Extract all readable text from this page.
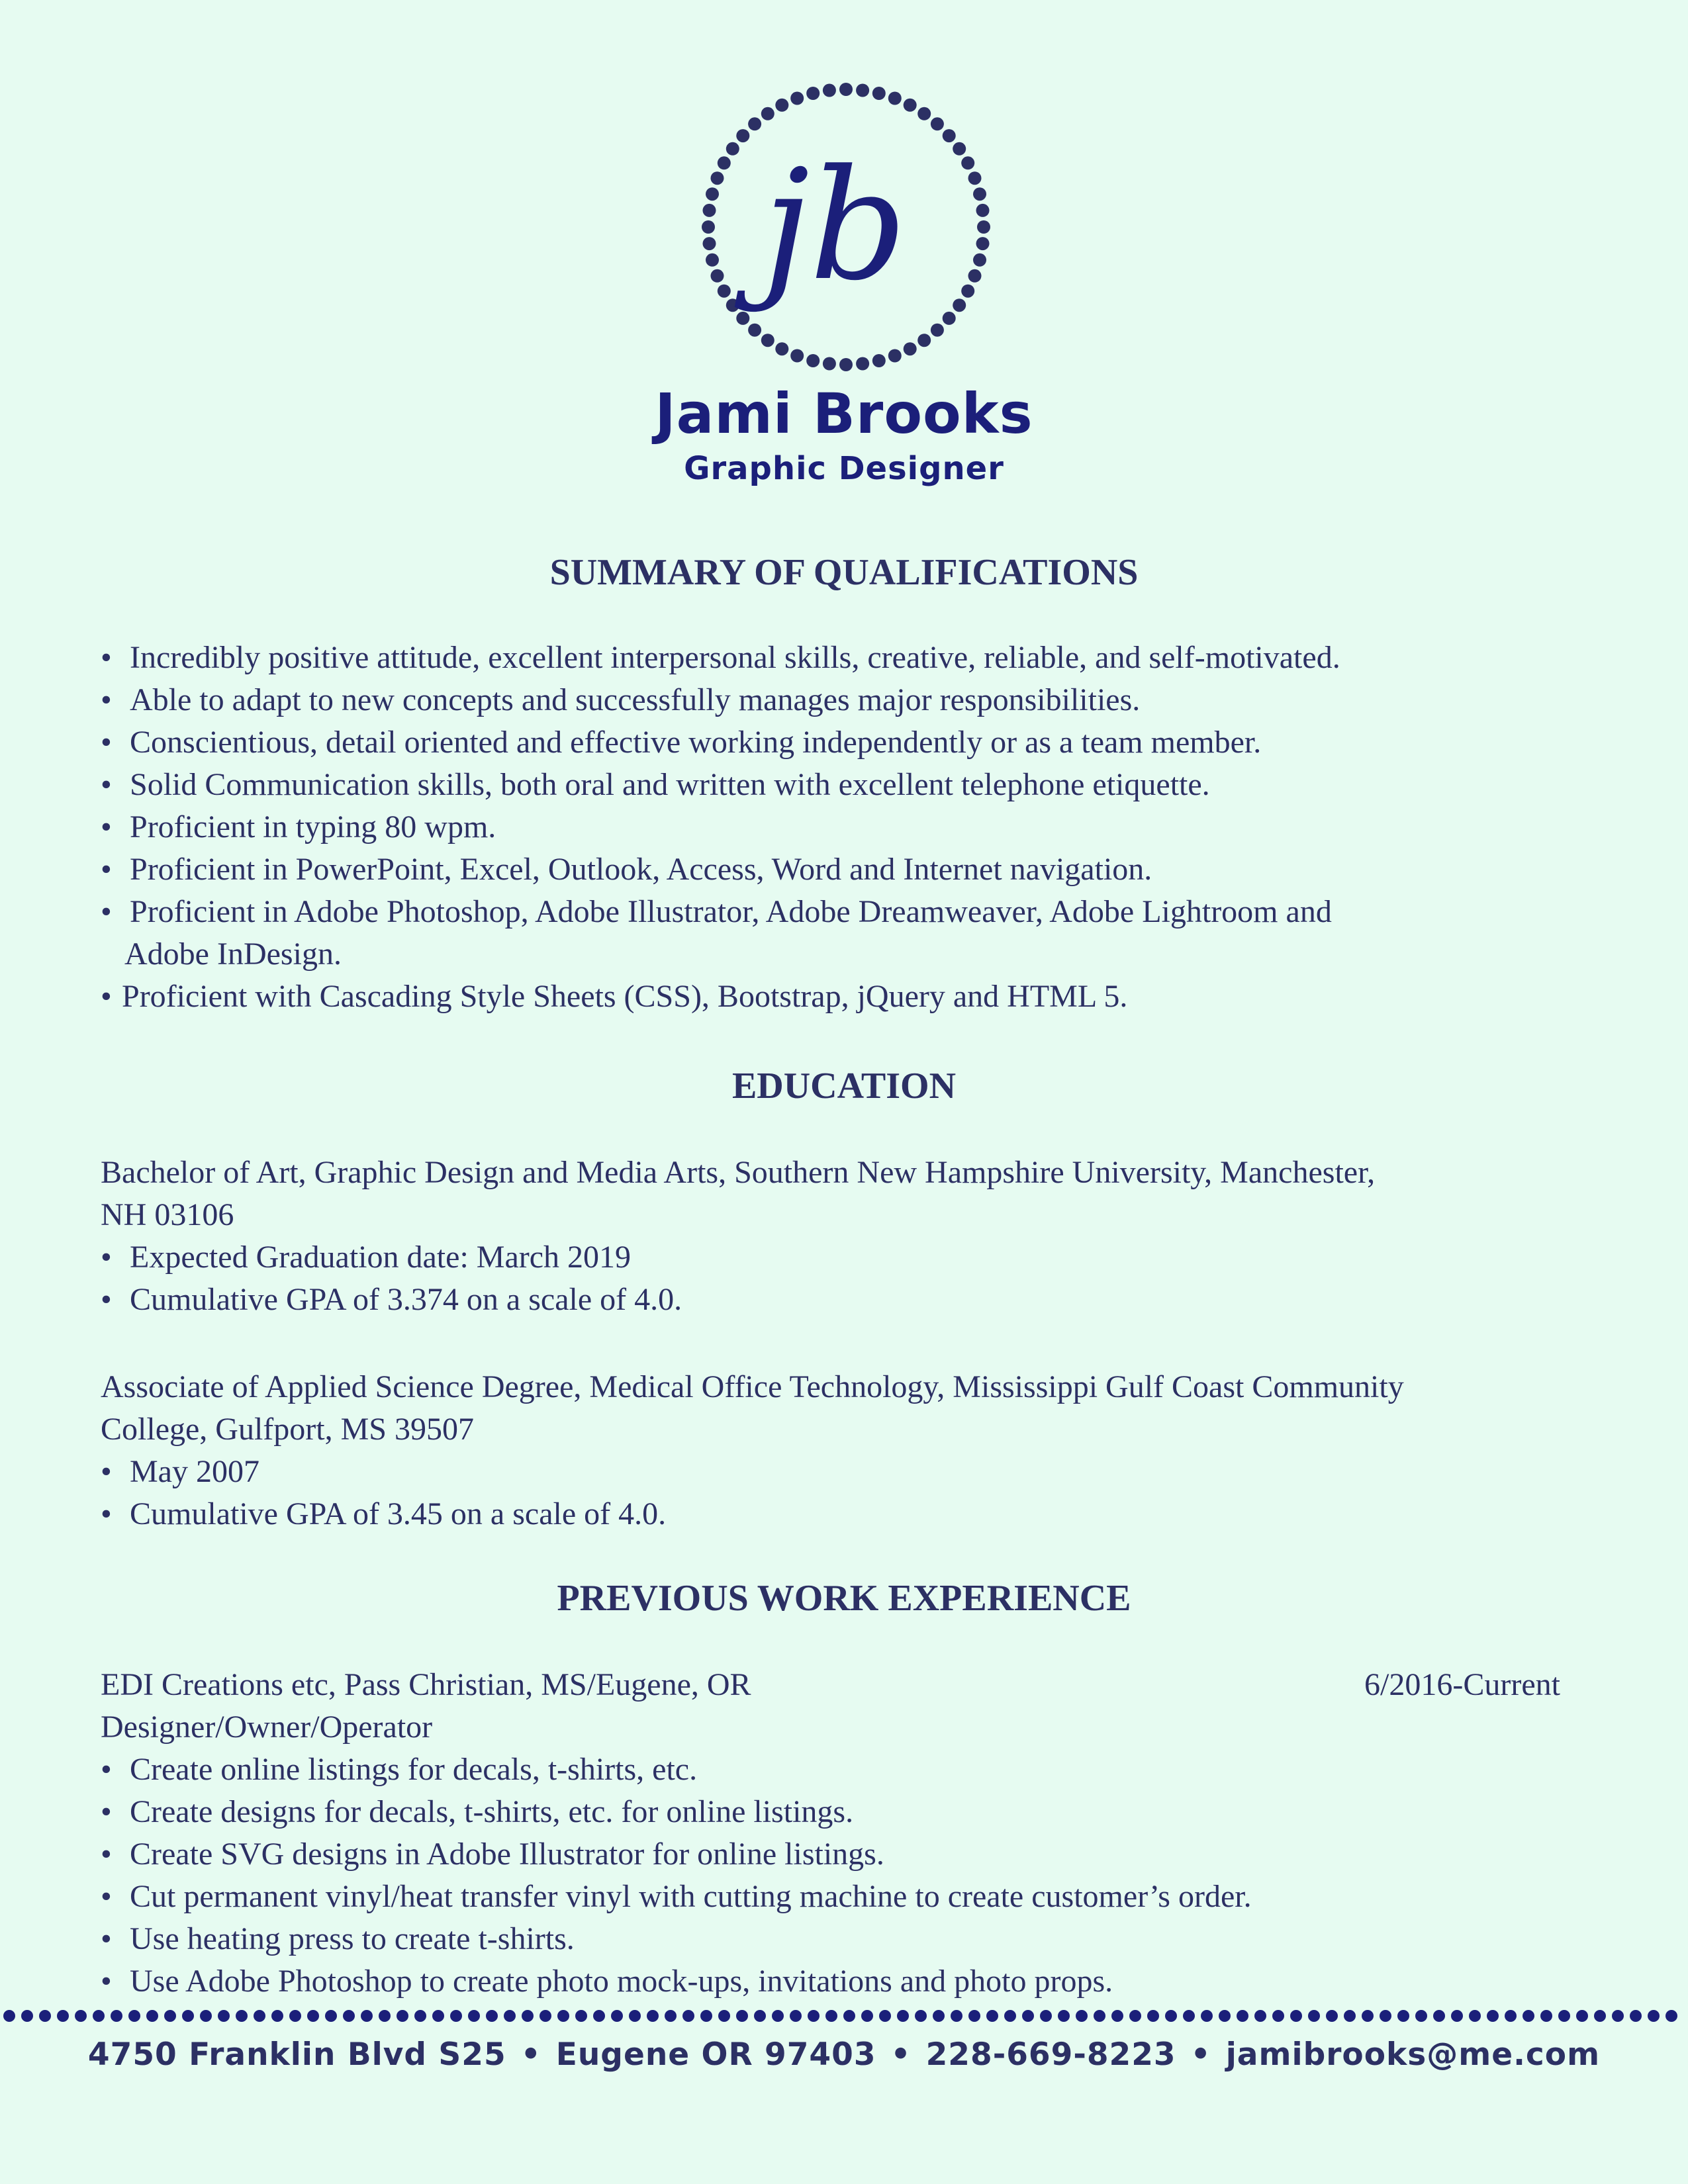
jb
Jami Brooks
Graphic Designer
SUMMARY OF QUALIFICATIONS
• Incredibly positive attitude, excellent interpersonal skills, creative, reliable, and self-motivated.
• Able to adapt to new concepts and successfully manages major responsibilities.
• Conscientious, detail oriented and effective working independently or as a team member.
• Solid Communication skills, both oral and written with excellent telephone etiquette.
• Proficient in typing 80 wpm.
• Proficient in PowerPoint, Excel, Outlook, Access, Word and Internet navigation.
• Proficient in Adobe Photoshop, Adobe Illustrator, Adobe Dreamweaver, Adobe Lightroom and
Adobe InDesign.
• Proficient with Cascading Style Sheets (CSS), Bootstrap, jQuery and HTML 5.
EDUCATION
Bachelor of Art, Graphic Design and Media Arts, Southern New Hampshire University, Manchester,
NH 03106
• Expected Graduation date: March 2019
• Cumulative GPA of 3.374 on a scale of 4.0.
Associate of Applied Science Degree, Medical Office Technology, Mississippi Gulf Coast Community
College, Gulfport, MS 39507
• May 2007
• Cumulative GPA of 3.45 on a scale of 4.0.
PREVIOUS WORK EXPERIENCE
EDI Creations etc, Pass Christian, MS/Eugene, OR	6/2016-Current
Designer/Owner/Operator
• Create online listings for decals, t-shirts, etc.
• Create designs for decals, t-shirts, etc. for online listings.
• Create SVG designs in Adobe Illustrator for online listings.
• Cut permanent vinyl/heat transfer vinyl with cutting machine to create customer’s order.
• Use heating press to create t-shirts.
• Use Adobe Photoshop to create photo mock-ups, invitations and photo props.
4750 Franklin Blvd S25 • Eugene OR 97403 • 228-669-8223 • jamibrooks@me.com
